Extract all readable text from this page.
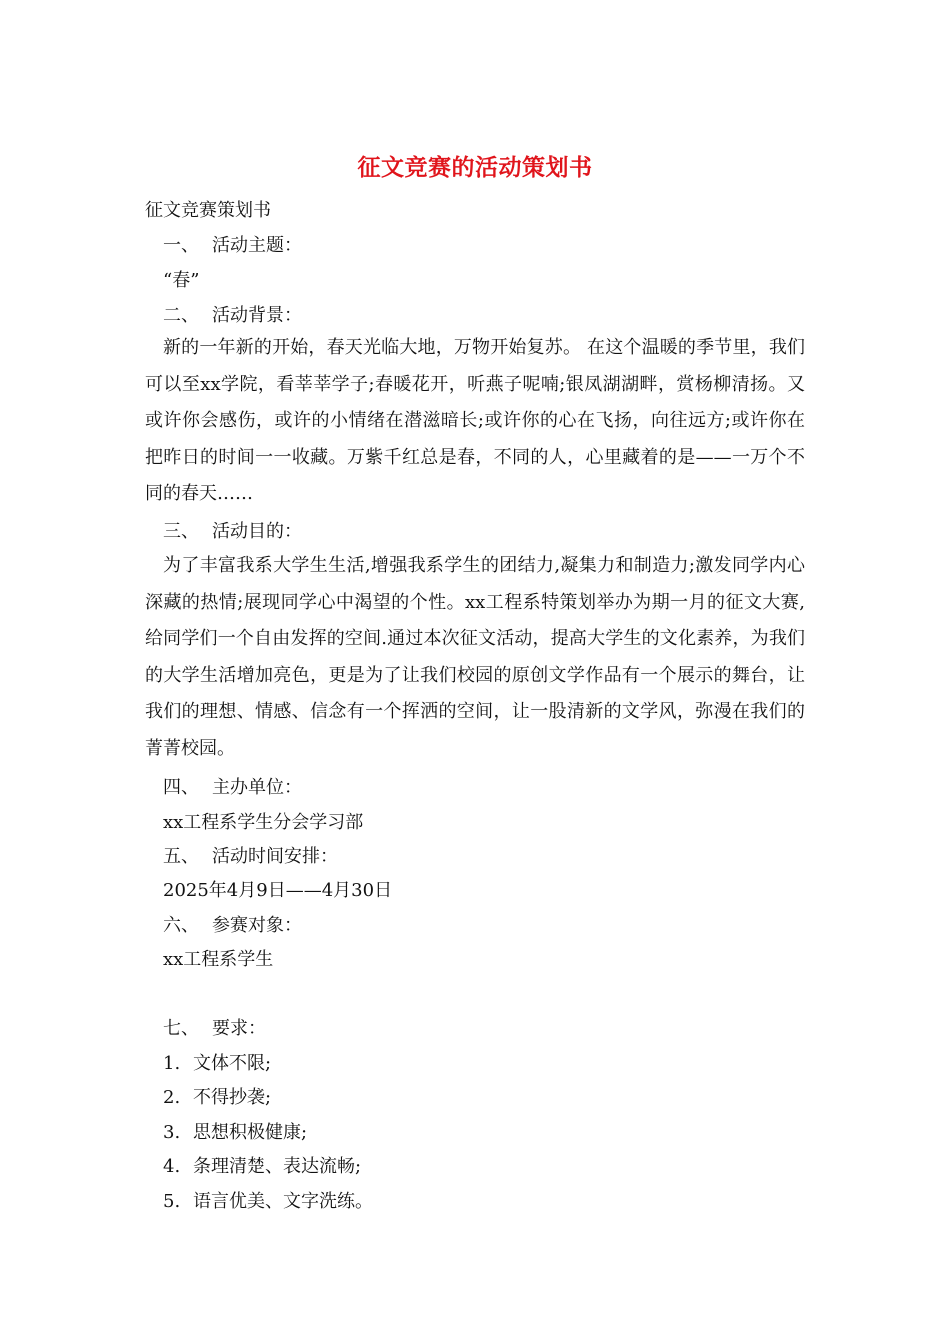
征文竞赛的活动策划书
征文竞赛策划书
一、 活动主题：
“春”
二、 活动背景：
新的一年新的开始，春天光临大地，万物开始复苏。 在这个温暖的季节里，我们可以至xx学院，看莘莘学子;春暖花开，听燕子呢喃;银凤湖湖畔，赏杨柳清扬。又或许你会感伤，或许的小情绪在潜滋暗长;或许你的心在飞扬，向往远方;或许你在把昨日的时间一一收藏。万紫千红总是春，不同的人，心里藏着的是——一万个不同的春天……
三、 活动目的：
为了丰富我系大学生生活,增强我系学生的团结力,凝集力和制造力;激发同学内心深藏的热情;展现同学心中渴望的个性。xx工程系特策划举办为期一月的征文大赛,给同学们一个自由发挥的空间.通过本次征文活动，提高大学生的文化素养，为我们的大学生活增加亮色，更是为了让我们校园的原创文学作品有一个展示的舞台，让我们的理想、情感、信念有一个挥洒的空间，让一股清新的文学风，弥漫在我们的菁菁校园。
四、 主办单位：
xx工程系学生分会学习部
五、 活动时间安排：
2025年4月9日——4月30日
六、 参赛对象：
xx工程系学生
七、 要求：
1. 文体不限;
2. 不得抄袭;
3. 思想积极健康;
4. 条理清楚、表达流畅;
5. 语言优美、文字洗练。
